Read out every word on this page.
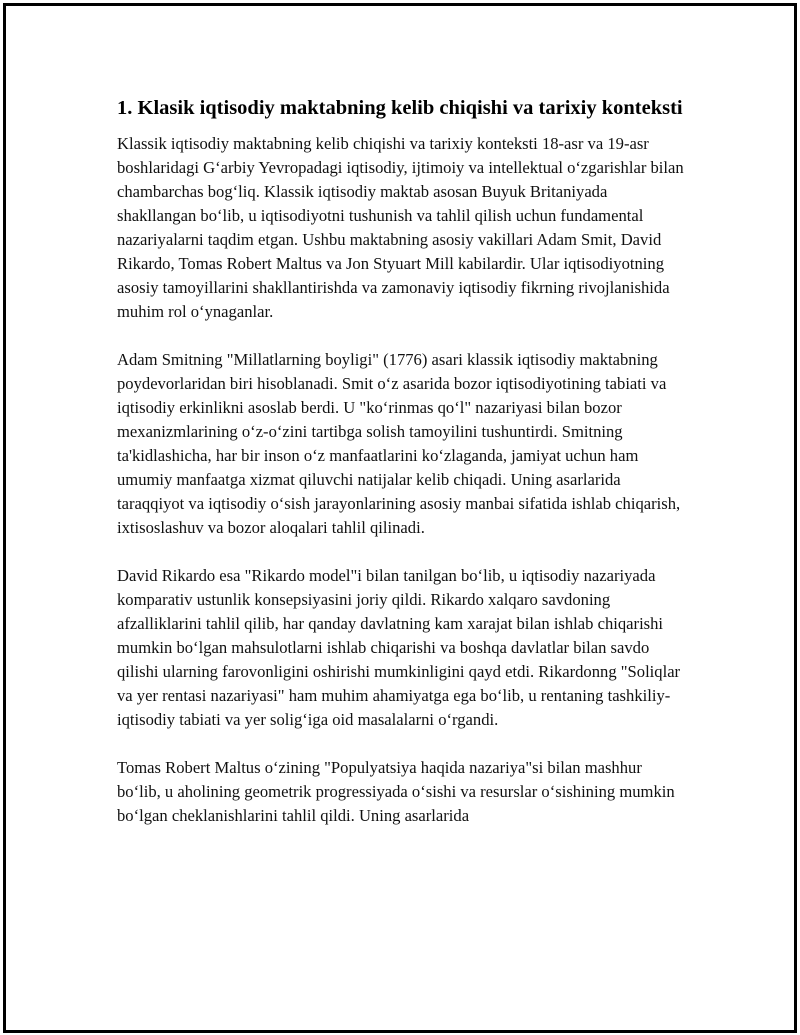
1. Klasik iqtisodiy maktabning kelib chiqishi va tarixiy konteksti

Klassik iqtisodiy maktabning kelib chiqishi va tarixiy konteksti 18-asr va 19-asr boshlaridagi G‘arbiy Yevropadagi iqtisodiy, ijtimoiy va intellektual o‘zgarishlar bilan chambarchas bog‘liq. Klassik iqtisodiy maktab asosan Buyuk Britaniyada shakllangan bo‘lib, u iqtisodiyotni tushunish va tahlil qilish uchun fundamental nazariyalarni taqdim etgan. Ushbu maktabning asosiy vakillari Adam Smit, David Rikardo, Tomas Robert Maltus va Jon Styuart Mill kabilardir. Ular iqtisodiyotning asosiy tamoyillarini shakllantirishda va zamonaviy iqtisodiy fikrning rivojlanishida muhim rol o‘ynaganlar.

Adam Smitning "Millatlarning boyligi" (1776) asari klassik iqtisodiy maktabning poydevorlaridan biri hisoblanadi. Smit o‘z asarida bozor iqtisodiyotining tabiati va iqtisodiy erkinlikni asoslab berdi. U "ko‘rinmas qo‘l" nazariyasi bilan bozor mexanizmlarining o‘z-o‘zini tartibga solish tamoyilini tushuntirdi. Smitning ta'kidlashicha, har bir inson o‘z manfaatlarini ko‘zlaganda, jamiyat uchun ham umumiy manfaatga xizmat qiluvchi natijalar kelib chiqadi. Uning asarlarida taraqqiyot va iqtisodiy o‘sish jarayonlarining asosiy manbai sifatida ishlab chiqarish, ixtisoslashuv va bozor aloqalari tahlil qilinadi.

David Rikardo esa "Rikardo model"i bilan tanilgan bo‘lib, u iqtisodiy nazariyada komparativ ustunlik konsepsiyasini joriy qildi. Rikardo xalqaro savdoning afzalliklarini tahlil qilib, har qanday davlatning kam xarajat bilan ishlab chiqarishi mumkin bo‘lgan mahsulotlarni ishlab chiqarishi va boshqa davlatlar bilan savdo qilishi ularning farovonligini oshirishi mumkinligini qayd etdi. Rikardonng "Soliqlar va yer rentasi nazariyasi" ham muhim ahamiyatga ega bo‘lib, u rentaning tashkiliy-iqtisodiy tabiati va yer solig‘iga oid masalalarni o‘rgandi.

Tomas Robert Maltus o‘zining "Populyatsiya haqida nazariya"si bilan mashhur bo‘lib, u aholining geometrik progressiyada o‘sishi va resurslar o‘sishining mumkin bo‘lgan cheklanishlarini tahlil qildi. Uning asarlarida
